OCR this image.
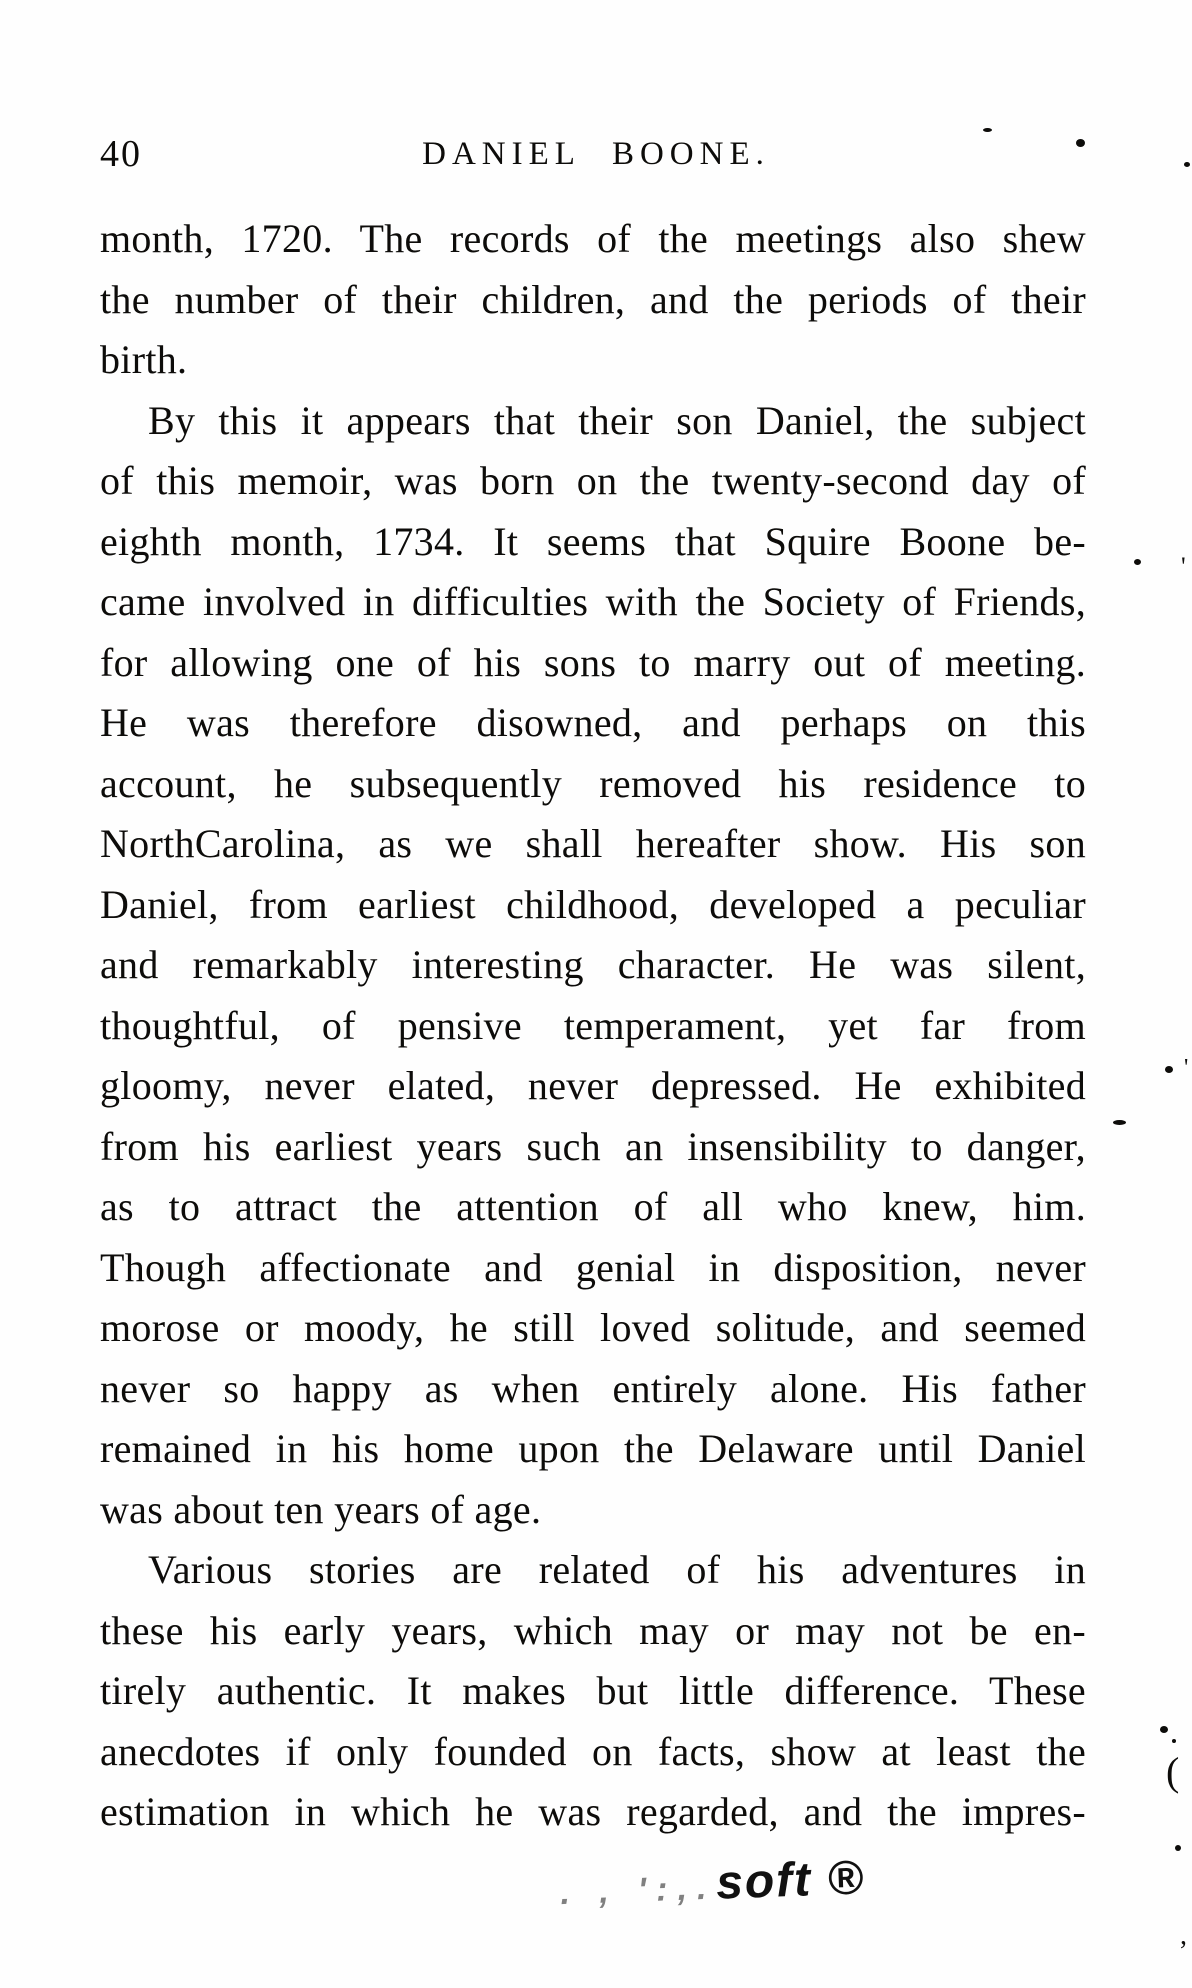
40	DANIEL BOONE.
month, 1720. The records of the meetings also shew
the number of their children, and the periods of their
birth.
By this it appears that their son Daniel, the subject
of this memoir, was born on the twenty-second day of
eighth month, 1734. It seems that Squire Boone be-
came involved in difficulties with the Society of Friends,
for allowing one of his sons to marry out of meeting.
He was therefore disowned, and perhaps on this
account, he subsequently removed his residence to
NorthCarolina, as we shall hereafter show. His son
Daniel, from earliest childhood, developed a peculiar
and remarkably interesting character. He was silent,
thoughtful, of pensive temperament, yet far from
gloomy, never elated, never depressed. He exhibited
from his earliest years such an insensibility to danger,
as to attract the attention of all who knew, him.
Though affectionate and genial in disposition, never
morose or moody, he still loved solitude, and seemed
never so happy as when entirely alone. His father
remained in his home upon the Delaware until Daniel
was about ten years of age.
Various stories are related of his adventures in
these his early years, which may or may not be en-
tirely authentic. It makes but little difference. These
anecdotes if only founded on facts, show at least the
estimation in which he was regarded, and the impres-
. , ':,.soft ®
'
'
(
,
